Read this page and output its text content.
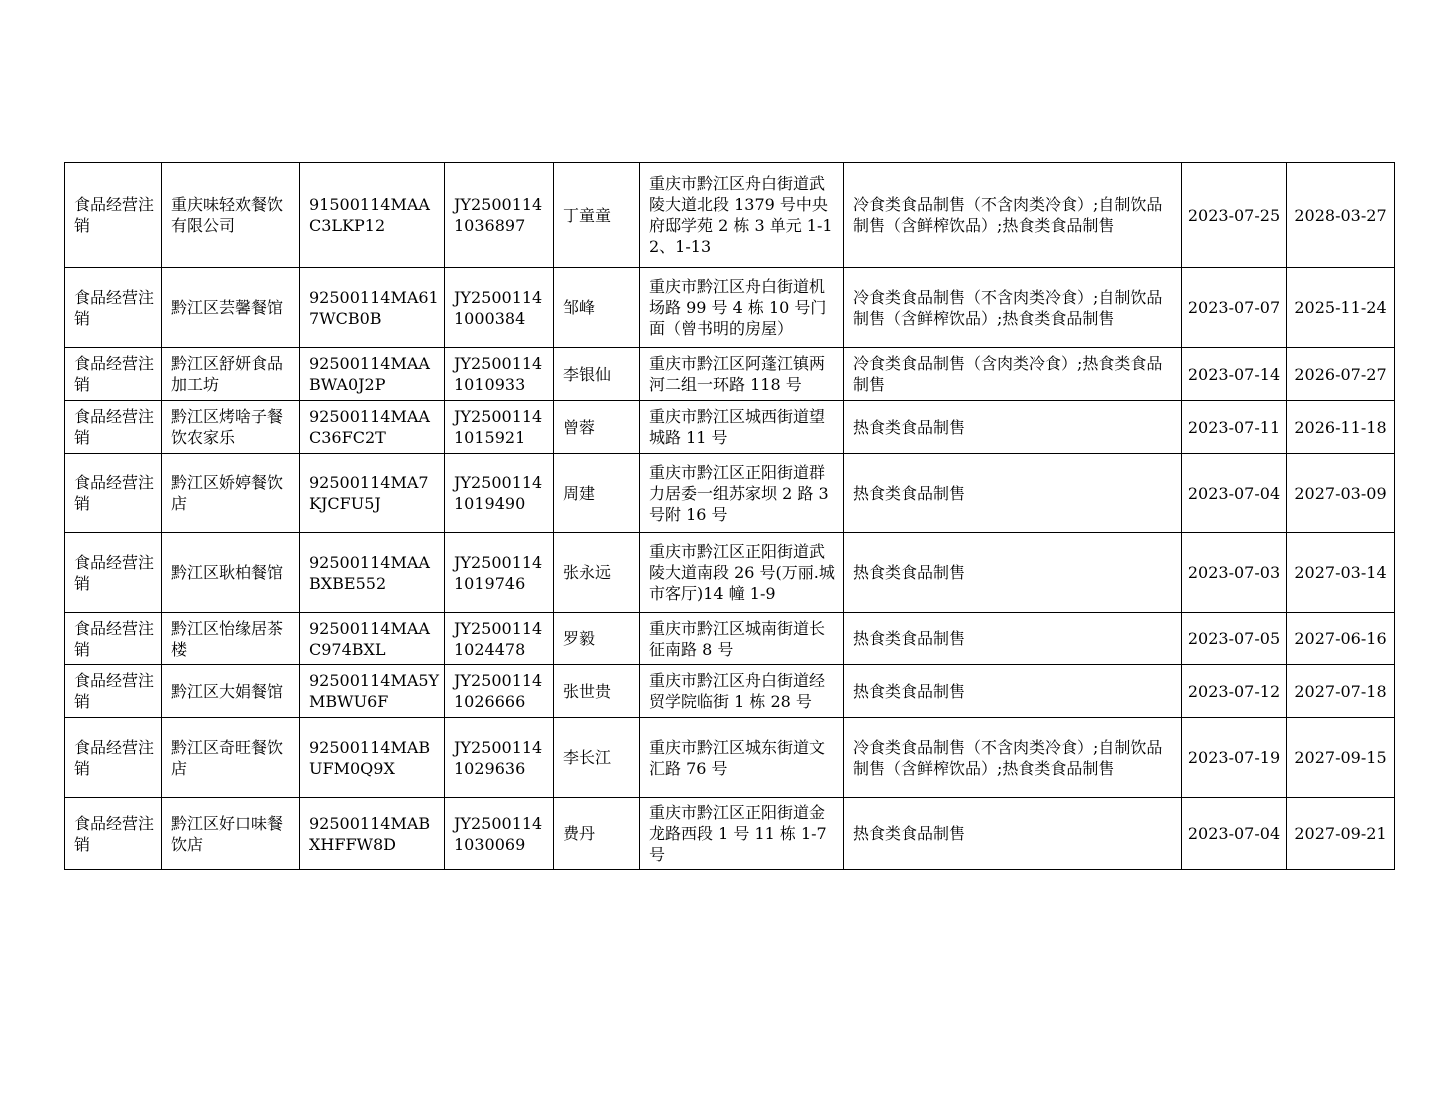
食品经营注销	重庆味轻欢餐饮有限公司	91500114MAAC3LKP12	JY25001141036897	丁童童	重庆市黔江区舟白街道武陵大道北段 1379 号中央府邸学苑 2 栋 3 单元 1-12、1-13	冷食类食品制售（不含肉类冷食）;自制饮品制售（含鲜榨饮品）;热食类食品制售	2023-07-25	2028-03-27
食品经营注销	黔江区芸馨餐馆	92500114MA617WCB0B	JY25001141000384	邹峰	重庆市黔江区舟白街道机场路 99 号 4 栋 10 号门面（曾书明的房屋）	冷食类食品制售（不含肉类冷食）;自制饮品制售（含鲜榨饮品）;热食类食品制售	2023-07-07	2025-11-24
食品经营注销	黔江区舒妍食品加工坊	92500114MAABWA0J2P	JY25001141010933	李银仙	重庆市黔江区阿蓬江镇两河二组一环路 118 号	冷食类食品制售（含肉类冷食）;热食类食品制售	2023-07-14	2026-07-27
食品经营注销	黔江区烤啥子餐饮农家乐	92500114MAAC36FC2T	JY25001141015921	曾蓉	重庆市黔江区城西街道望城路 11 号	热食类食品制售	2023-07-11	2026-11-18
食品经营注销	黔江区娇婷餐饮店	92500114MA7KJCFU5J	JY25001141019490	周建	重庆市黔江区正阳街道群力居委一组苏家坝 2 路 3 号附 16 号	热食类食品制售	2023-07-04	2027-03-09
食品经营注销	黔江区耿柏餐馆	92500114MAABXBE552	JY25001141019746	张永远	重庆市黔江区正阳街道武陵大道南段 26 号(万丽.城市客厅)14 幢 1-9	热食类食品制售	2023-07-03	2027-03-14
食品经营注销	黔江区怡缘居茶楼	92500114MAAC974BXL	JY25001141024478	罗毅	重庆市黔江区城南街道长征南路 8 号	热食类食品制售	2023-07-05	2027-06-16
食品经营注销	黔江区大娟餐馆	92500114MA5YMBWU6F	JY25001141026666	张世贵	重庆市黔江区舟白街道经贸学院临街 1 栋 28 号	热食类食品制售	2023-07-12	2027-07-18
食品经营注销	黔江区奇旺餐饮店	92500114MABUFM0Q9X	JY25001141029636	李长江	重庆市黔江区城东街道文汇路 76 号	冷食类食品制售（不含肉类冷食）;自制饮品制售（含鲜榨饮品）;热食类食品制售	2023-07-19	2027-09-15
食品经营注销	黔江区好口味餐饮店	92500114MABXHFFW8D	JY25001141030069	费丹	重庆市黔江区正阳街道金龙路西段 1 号 11 栋 1-7 号	热食类食品制售	2023-07-04	2027-09-21
